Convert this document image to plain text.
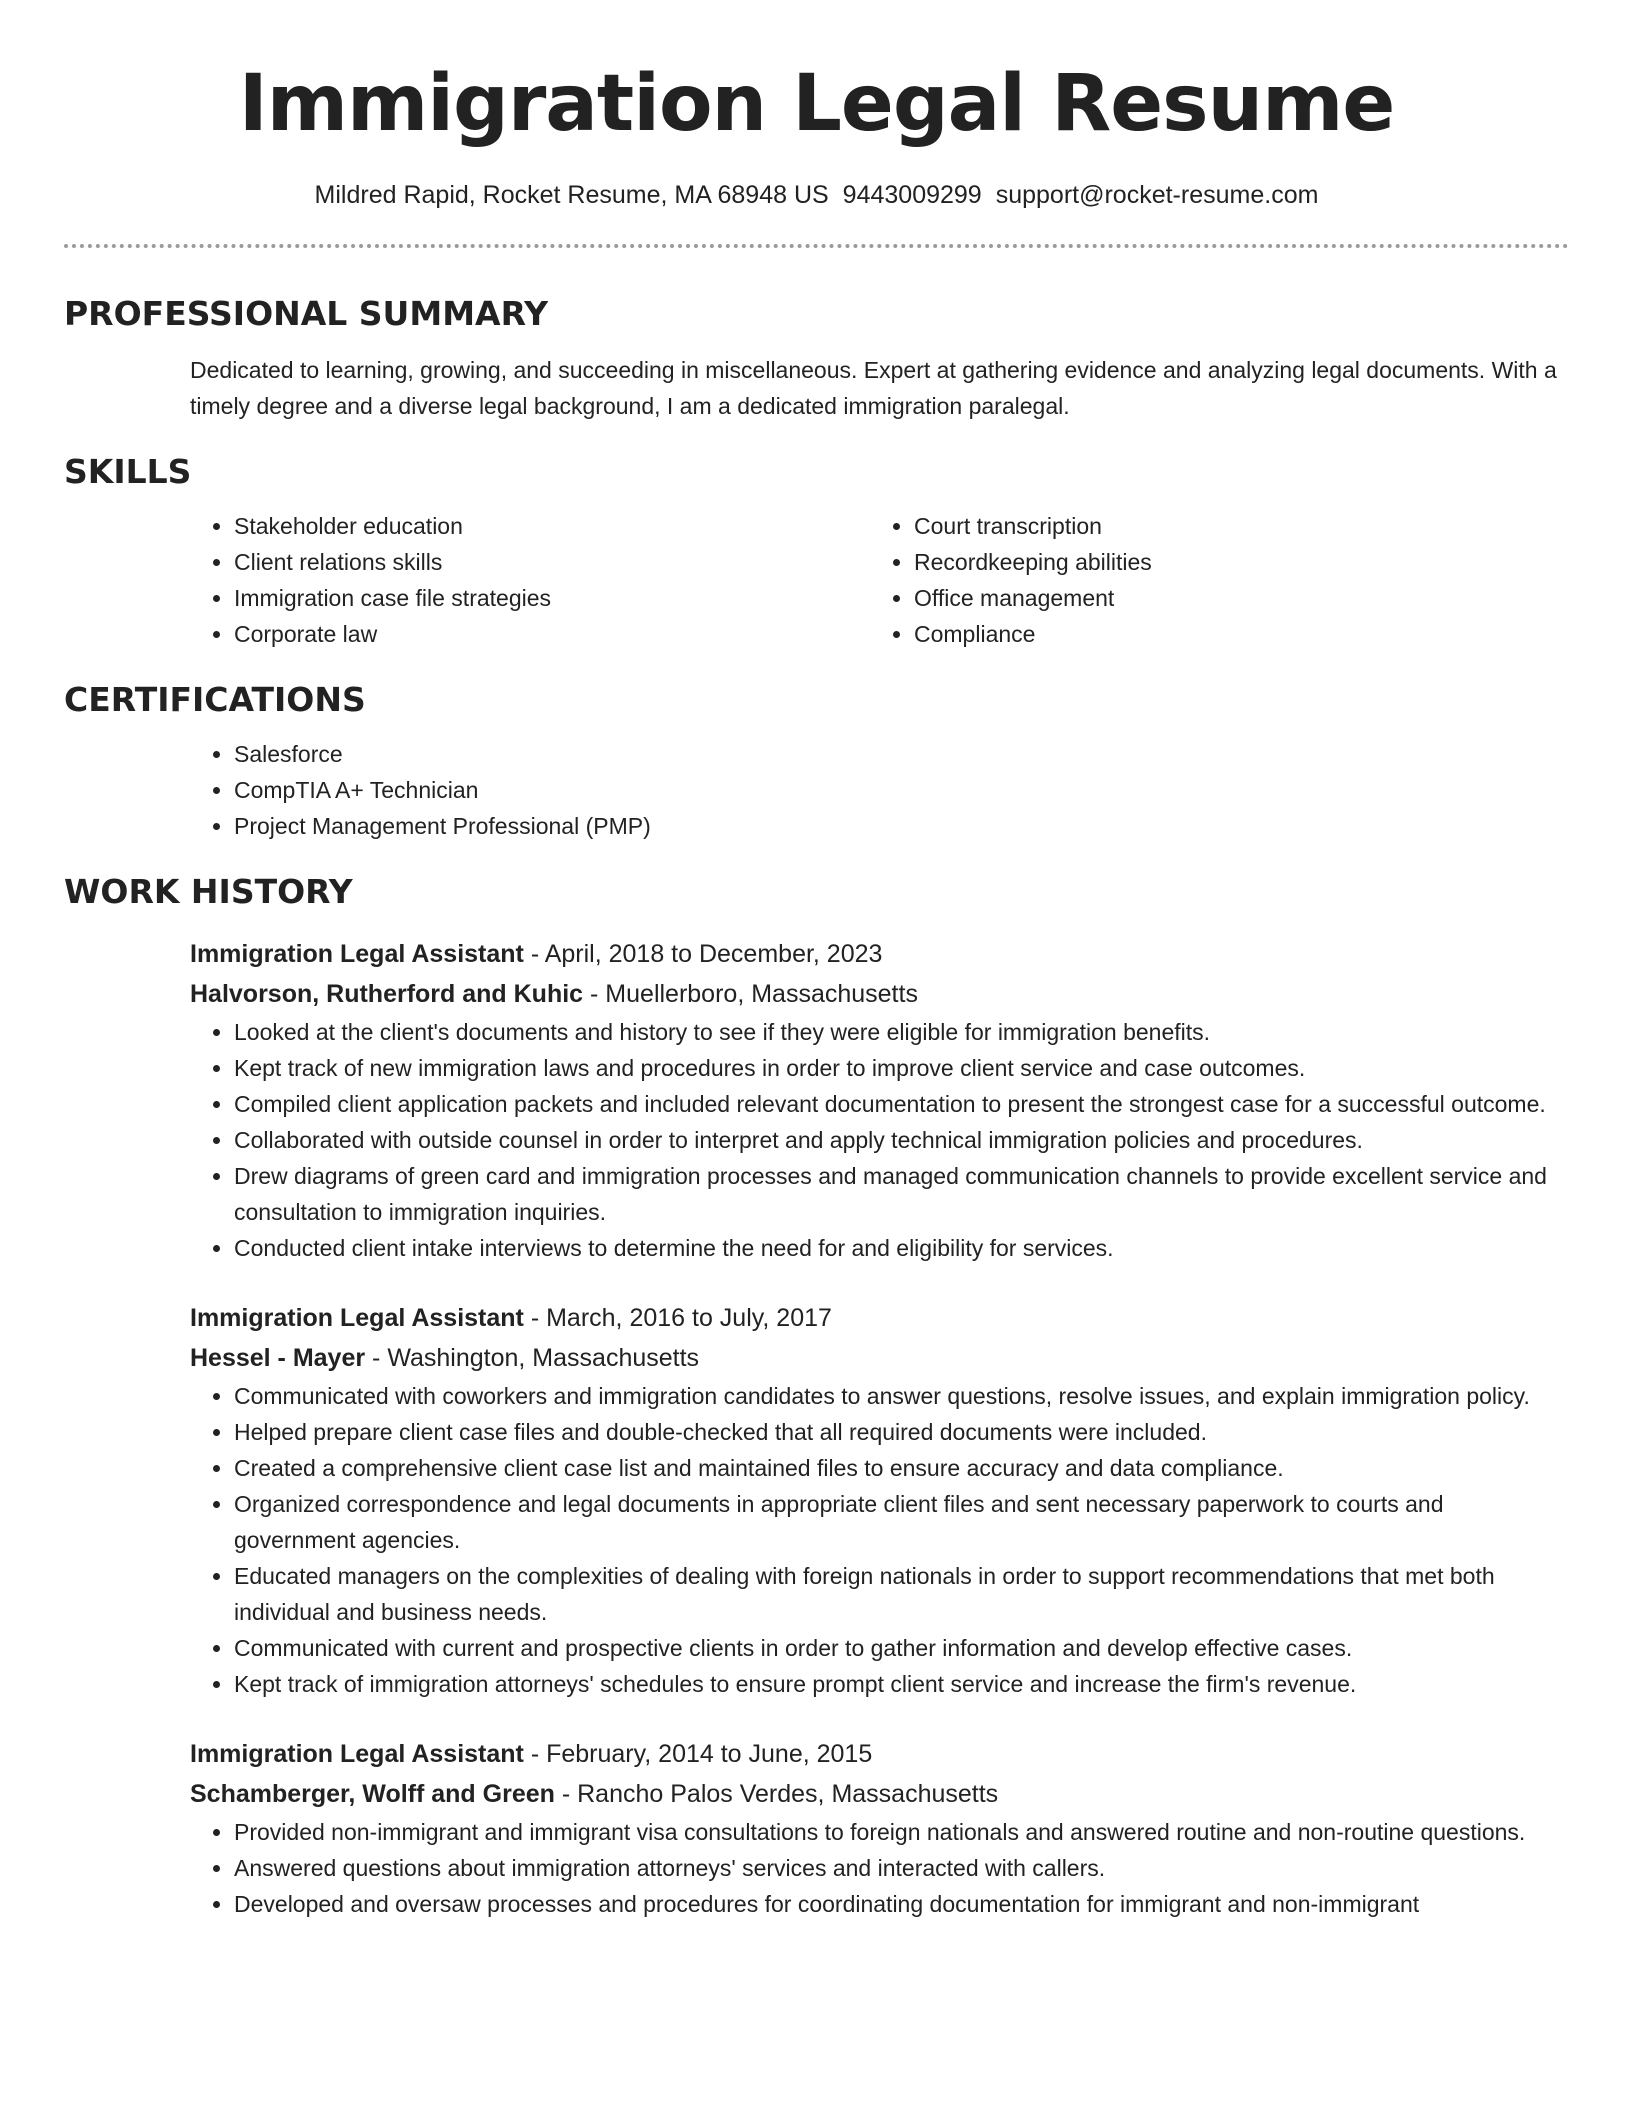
Immigration Legal Resume
Mildred Rapid, Rocket Resume, MA 68948 US 9443009299 support@rocket-resume.com
PROFESSIONAL SUMMARY

Dedicated to learning, growing, and succeeding in miscellaneous. Expert at gathering evidence and analyzing legal documents. With a timely degree and a diverse legal background, I am a dedicated immigration paralegal.

SKILLS
• Stakeholder education
• Client relations skills
• Immigration case file strategies
• Corporate law
• Court transcription
• Recordkeeping abilities
• Office management
• Compliance
CERTIFICATIONS
• Salesforce
• CompTIA A+ Technician
• Project Management Professional (PMP)
WORK HISTORY
Immigration Legal Assistant - April, 2018 to December, 2023
Halvorson, Rutherford and Kuhic - Muellerboro, Massachusetts
• Looked at the client's documents and history to see if they were eligible for immigration benefits.
• Kept track of new immigration laws and procedures in order to improve client service and case outcomes.
• Compiled client application packets and included relevant documentation to present the strongest case for a successful outcome.
• Collaborated with outside counsel in order to interpret and apply technical immigration policies and procedures.
• Drew diagrams of green card and immigration processes and managed communication channels to provide excellent service and consultation to immigration inquiries.
• Conducted client intake interviews to determine the need for and eligibility for services.
Immigration Legal Assistant - March, 2016 to July, 2017
Hessel - Mayer - Washington, Massachusetts
• Communicated with coworkers and immigration candidates to answer questions, resolve issues, and explain immigration policy.
• Helped prepare client case files and double-checked that all required documents were included.
• Created a comprehensive client case list and maintained files to ensure accuracy and data compliance.
• Organized correspondence and legal documents in appropriate client files and sent necessary paperwork to courts and government agencies.
• Educated managers on the complexities of dealing with foreign nationals in order to support recommendations that met both individual and business needs.
• Communicated with current and prospective clients in order to gather information and develop effective cases.
• Kept track of immigration attorneys' schedules to ensure prompt client service and increase the firm's revenue.
Immigration Legal Assistant - February, 2014 to June, 2015
Schamberger, Wolff and Green - Rancho Palos Verdes, Massachusetts
• Provided non-immigrant and immigrant visa consultations to foreign nationals and answered routine and non-routine questions.
• Answered questions about immigration attorneys' services and interacted with callers.
• Developed and oversaw processes and procedures for coordinating documentation for immigrant and non-immigrant
